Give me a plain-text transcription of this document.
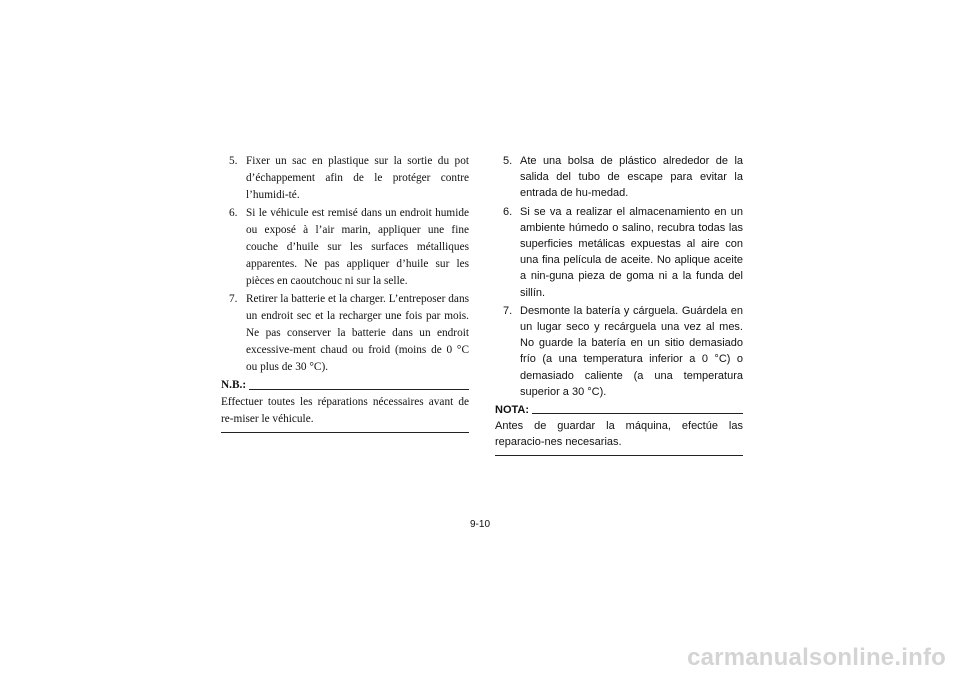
5. Fixer un sac en plastique sur la sortie du pot d’échappement afin de le protéger contre l’humidi-té.
6. Si le véhicule est remisé dans un endroit humide ou exposé à l’air marin, appliquer une fine couche d’huile sur les surfaces métalliques apparentes. Ne pas appliquer d’huile sur les pièces en caoutchouc ni sur la selle.
7. Retirer la batterie et la charger. L’entreposer dans un endroit sec et la recharger une fois par mois. Ne pas conserver la batterie dans un endroit excessive-ment chaud ou froid (moins de 0 °C ou plus de 30 °C).
N.B.:

Effectuer toutes les réparations nécessaires avant de re-miser le véhicule.

5. Ate una bolsa de plástico alrededor de la salida del tubo de escape para evitar la entrada de hu-medad.
6. Si se va a realizar el almacenamiento en un ambiente húmedo o salino, recubra todas las superficies metálicas expuestas al aire con una fina película de aceite. No aplique aceite a nin-guna pieza de goma ni a la funda del sillín.
7. Desmonte la batería y cárguela. Guárdela en un lugar seco y recárguela una vez al mes. No guarde la batería en un sitio demasiado frío (a una temperatura inferior a 0 °C) o demasiado caliente (a una temperatura superior a 30 °C).
NOTA:

Antes de guardar la máquina, efectúe las reparacio-nes necesarias.

9-10
carmanualsonline.info
